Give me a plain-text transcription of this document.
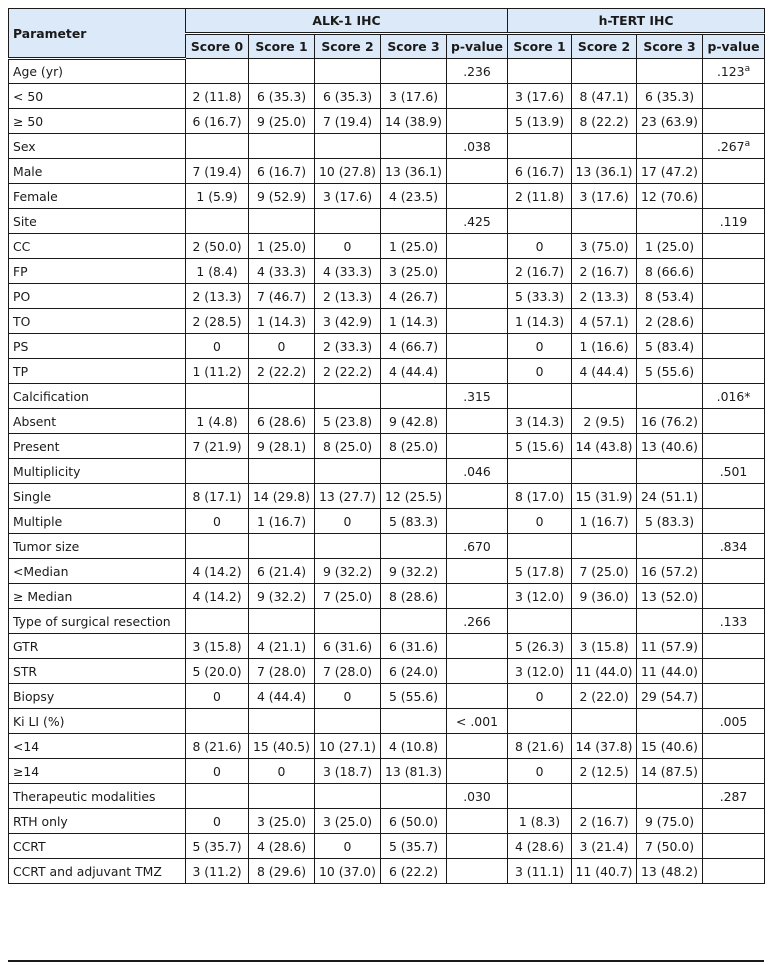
Parameter	ALK-1 IHC					h-TERT IHC			
	Score 0	Score 1	Score 2	Score 3	p-value	Score 1	Score 2	Score 3	p-value
Age (yr)					.236				.123$^a$
< 50	2 (11.8)	6 (35.3)	6 (35.3)	3 (17.6)		3 (17.6)	8 (47.1)	6 (35.3)	
≥ 50	6 (16.7)	9 (25.0)	7 (19.4)	14 (38.9)		5 (13.9)	8 (22.2)	23 (63.9)	
Sex					.038				.267$^a$
Male	7 (19.4)	6 (16.7)	10 (27.8)	13 (36.1)		6 (16.7)	13 (36.1)	17 (47.2)	
Female	1 (5.9)	9 (52.9)	3 (17.6)	4 (23.5)		2 (11.8)	3 (17.6)	12 (70.6)	
Site					.425				.119
CC	2 (50.0)	1 (25.0)	0	1 (25.0)		0	3 (75.0)	1 (25.0)	
FP	1 (8.4)	4 (33.3)	4 (33.3)	3 (25.0)		2 (16.7)	2 (16.7)	8 (66.6)	
PO	2 (13.3)	7 (46.7)	2 (13.3)	4 (26.7)		5 (33.3)	2 (13.3)	8 (53.4)	
TO	2 (28.5)	1 (14.3)	3 (42.9)	1 (14.3)		1 (14.3)	4 (57.1)	2 (28.6)	
PS	0	0	2 (33.3)	4 (66.7)		0	1 (16.6)	5 (83.4)	
TP	1 (11.2)	2 (22.2)	2 (22.2)	4 (44.4)		0	4 (44.4)	5 (55.6)	
Calcification					.315				.016*
Absent	1 (4.8)	6 (28.6)	5 (23.8)	9 (42.8)		3 (14.3)	2 (9.5)	16 (76.2)	
Present	7 (21.9)	9 (28.1)	8 (25.0)	8 (25.0)		5 (15.6)	14 (43.8)	13 (40.6)	
Multiplicity					.046				.501
Single	8 (17.1)	14 (29.8)	13 (27.7)	12 (25.5)		8 (17.0)	15 (31.9)	24 (51.1)	
Multiple	0	1 (16.7)	0	5 (83.3)		0	1 (16.7)	5 (83.3)	
Tumor size					.670				.834
<Median	4 (14.2)	6 (21.4)	9 (32.2)	9 (32.2)		5 (17.8)	7 (25.0)	16 (57.2)	
≥ Median	4 (14.2)	9 (32.2)	7 (25.0)	8 (28.6)		3 (12.0)	9 (36.0)	13 (52.0)	
Type of surgical resection					.266				.133
GTR	3 (15.8)	4 (21.1)	6 (31.6)	6 (31.6)		5 (26.3)	3 (15.8)	11 (57.9)	
STR	5 (20.0)	7 (28.0)	7 (28.0)	6 (24.0)		3 (12.0)	11 (44.0)	11 (44.0)	
Biopsy	0	4 (44.4)	0	5 (55.6)		0	2 (22.0)	29 (54.7)	
Ki LI (%)					< .001				.005
<14	8 (21.6)	15 (40.5)	10 (27.1)	4 (10.8)		8 (21.6)	14 (37.8)	15 (40.6)	
≥14	0	0	3 (18.7)	13 (81.3)		0	2 (12.5)	14 (87.5)	
Therapeutic modalities					.030				.287
RTH only	0	3 (25.0)	3 (25.0)	6 (50.0)		1 (8.3)	2 (16.7)	9 (75.0)	
CCRT	5 (35.7)	4 (28.6)	0	5 (35.7)		4 (28.6)	3 (21.4)	7 (50.0)	
CCRT and adjuvant TMZ	3 (11.2)	8 (29.6)	10 (37.0)	6 (22.2)		3 (11.1)	11 (40.7)	13 (48.2)	
